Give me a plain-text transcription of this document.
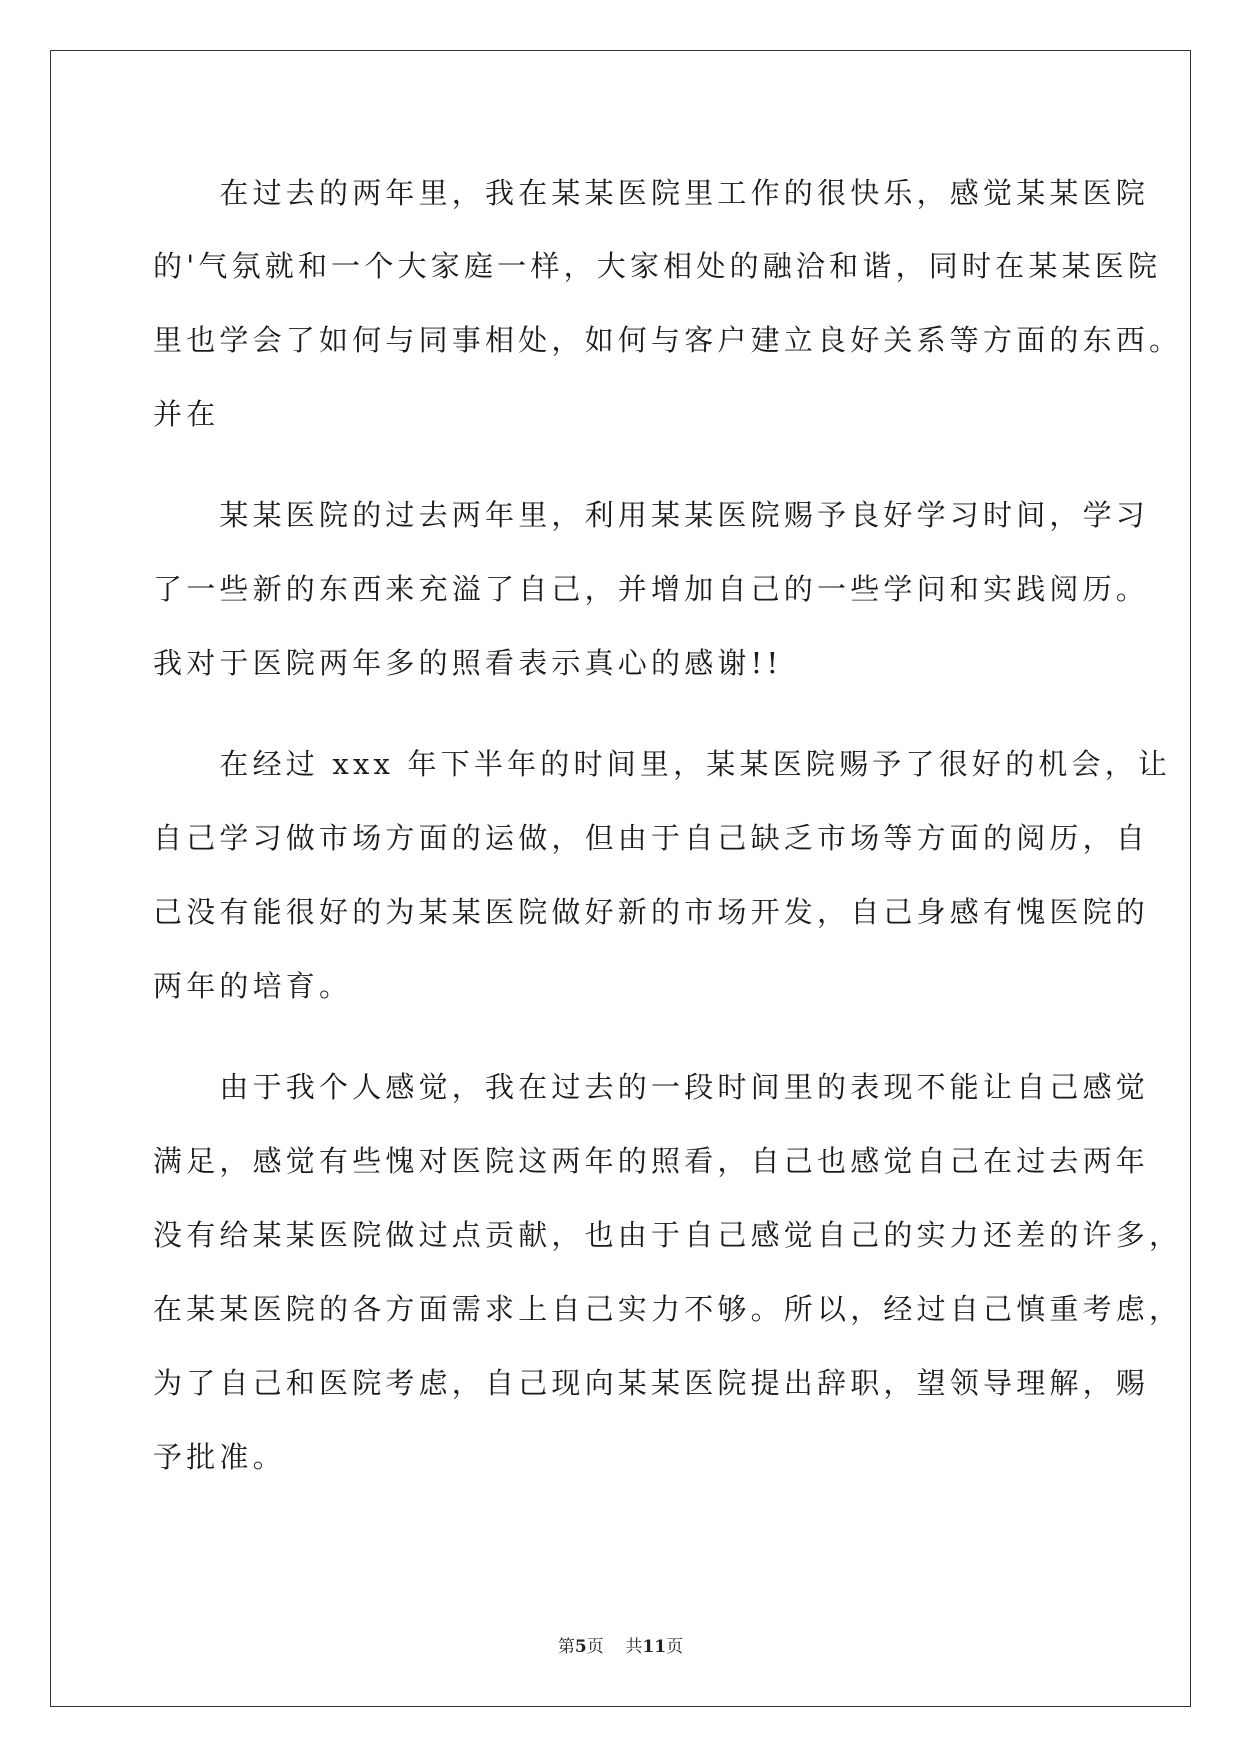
　　在过去的两年里，我在某某医院里工作的很快乐，感觉某某医院
的'气氛就和一个大家庭一样，大家相处的融洽和谐，同时在某某医院
里也学会了如何与同事相处，如何与客户建立良好关系等方面的东西。
并在
　　某某医院的过去两年里，利用某某医院赐予良好学习时间，学习
了一些新的东西来充溢了自己，并增加自己的一些学问和实践阅历。
我对于医院两年多的照看表示真心的感谢!!
　　在经过 xxx 年下半年的时间里，某某医院赐予了很好的机会，让
自己学习做市场方面的运做，但由于自己缺乏市场等方面的阅历，自
己没有能很好的为某某医院做好新的市场开发，自己身感有愧医院的
两年的培育。
　　由于我个人感觉，我在过去的一段时间里的表现不能让自己感觉
满足，感觉有些愧对医院这两年的照看，自己也感觉自己在过去两年
没有给某某医院做过点贡献，也由于自己感觉自己的实力还差的许多，
在某某医院的各方面需求上自己实力不够。所以，经过自己慎重考虑，
为了自己和医院考虑，自己现向某某医院提出辞职，望领导理解，赐
予批准。
第5页 共11页
